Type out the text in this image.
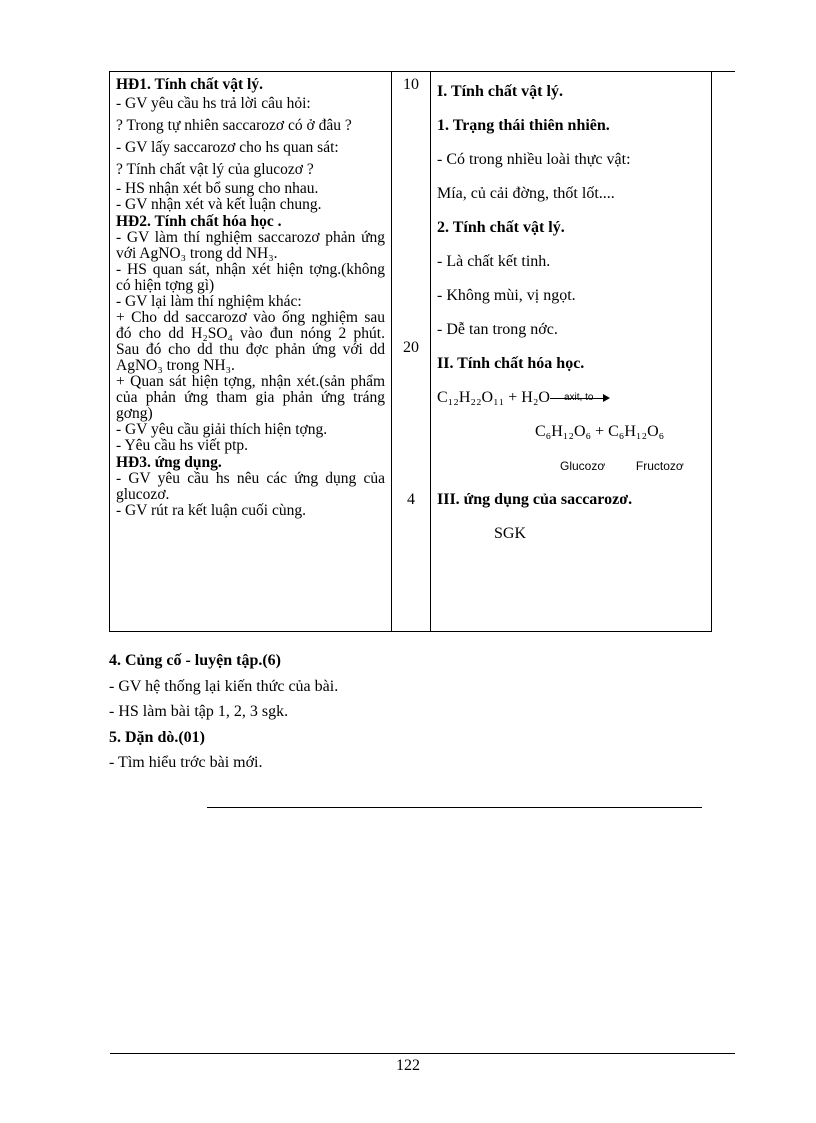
HĐ1. Tính chất vật lý.

- GV yêu cầu hs trả lời câu hỏi:

? Trong tự nhiên saccarozơ có ở đâu ?

- GV lấy saccarozơ cho hs quan sát:

? Tính chất vật lý của glucozơ ?

- HS nhận xét bổ sung cho nhau.

- GV nhận xét và kết luận chung.

HĐ2. Tính chất hóa học .

- GV làm thí nghiệm saccarozơ phản ứng với AgNO₃ trong dd NH₃.

- HS quan sát, nhận xét hiện tợng.(không có hiện tợng gì)

- GV lại làm thí nghiệm khác:

+ Cho dd saccarozơ vào ống nghiệm sau đó cho dd H₂SO₄ vào đun nóng 2 phút. Sau đó cho dd thu đợc phản ứng với dd AgNO₃ trong NH₃.

+ Quan sát hiện tợng, nhận xét.(sản phẩm của phản ứng tham gia phản ứng tráng gơng)

- GV yêu cầu giải thích hiện tợng.

- Yêu cầu hs viết ptp.

HĐ3. ứng dụng.

- GV yêu cầu hs nêu các ứng dụng của glucozơ.

- GV rút ra kết luận cuối cùng.

10
20
4

I. Tính chất vật lý.

1. Trạng thái thiên nhiên.

- Có trong nhiều loài thực vật:

Mía, củ cải đờng, thốt lốt....

2. Tính chất vật lý.

- Là chất kết tinh.

- Không mùi, vị ngọt.

- Dễ tan trong nớc.

II. Tính chất hóa học.

C₁₂H₂₂O₁₁ + H₂O axit, to
C₆H₁₂O₆ + C₆H₁₂O₆
Glucozơ	Fructozơ

III. ứng dụng của saccarozơ.

SGK

4. Củng cố - luyện tập.(6)

- GV hệ thống lại kiến thức của bài.

- HS làm bài tập 1, 2, 3 sgk.

5. Dặn dò.(01)

- Tìm hiểu trớc bài mới.

122
